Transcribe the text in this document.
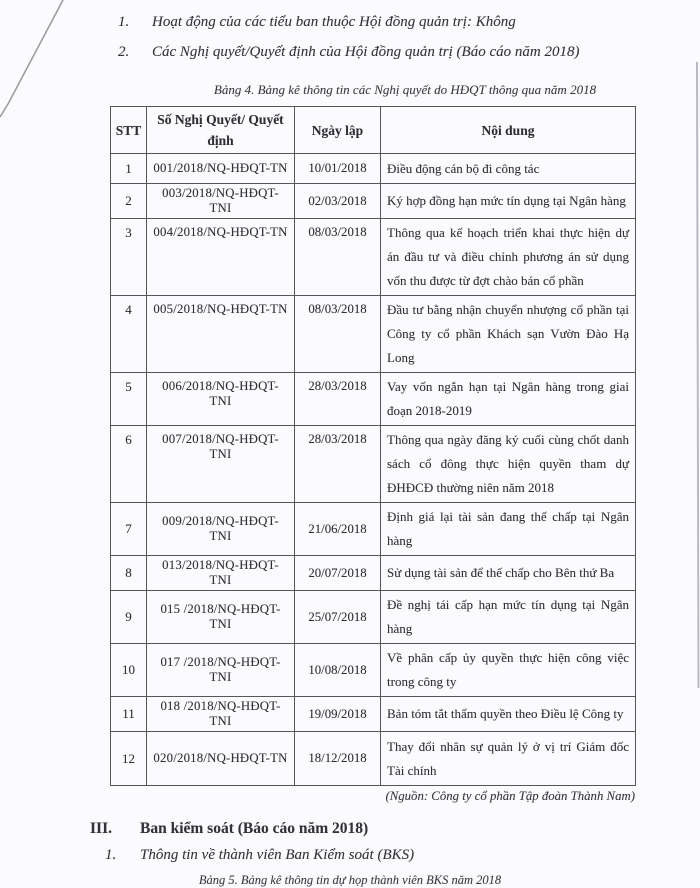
1.	Hoạt động của các tiểu ban thuộc Hội đồng quản trị: Không
2.	Các Nghị quyết/Quyết định của Hội đồng quản trị (Báo cáo năm 2018)
Bảng 4. Bảng kê thông tin các Nghị quyết do HĐQT thông qua năm 2018
STT	Số Nghị Quyết/ Quyết định	Ngày lập	Nội dung
1	001/2018/NQ-HĐQT-TN	10/01/2018	Điều động cán bộ đi công tác
2	003/2018/NQ-HĐQT-TNI	02/03/2018	Ký hợp đồng hạn mức tín dụng tại Ngân hàng
3	004/2018/NQ-HĐQT-TN	08/03/2018	Thông qua kế hoạch triển khai thực hiện dự án đầu tư và điều chỉnh phương án sử dụng vốn thu được từ đợt chào bán cổ phần
4	005/2018/NQ-HĐQT-TN	08/03/2018	Đầu tư bằng nhận chuyển nhượng cổ phần tại Công ty cổ phần Khách sạn Vườn Đào Hạ Long
5	006/2018/NQ-HĐQT-TNI	28/03/2018	Vay vốn ngắn hạn tại Ngân hàng trong giai đoạn 2018-2019
6	007/2018/NQ-HĐQT-TNI	28/03/2018	Thông qua ngày đăng ký cuối cùng chốt danh sách cổ đông thực hiện quyền tham dự ĐHĐCĐ thường niên năm 2018
7	009/2018/NQ-HĐQT-TNI	21/06/2018	Định giá lại tài sản đang thế chấp tại Ngân hàng
8	013/2018/NQ-HĐQT-TNI	20/07/2018	Sử dụng tài sản để thế chấp cho Bên thứ Ba
9	015 /2018/NQ-HĐQT-TNI	25/07/2018	Đề nghị tái cấp hạn mức tín dụng tại Ngân hàng
10	017 /2018/NQ-HĐQT-TNI	10/08/2018	Về phân cấp ủy quyền thực hiện công việc trong công ty
11	018 /2018/NQ-HĐQT-TNI	19/09/2018	Bản tóm tắt thẩm quyền theo Điều lệ Công ty
12	020/2018/NQ-HĐQT-TN	18/12/2018	Thay đổi nhân sự quản lý ở vị trí Giám đốc Tài chính
(Nguồn: Công ty cổ phần Tập đoàn Thành Nam)
III.	Ban kiểm soát (Báo cáo năm 2018)
1.	Thông tin về thành viên Ban Kiểm soát (BKS)
Bảng 5. Bảng kê thông tin dự họp thành viên BKS năm 2018
